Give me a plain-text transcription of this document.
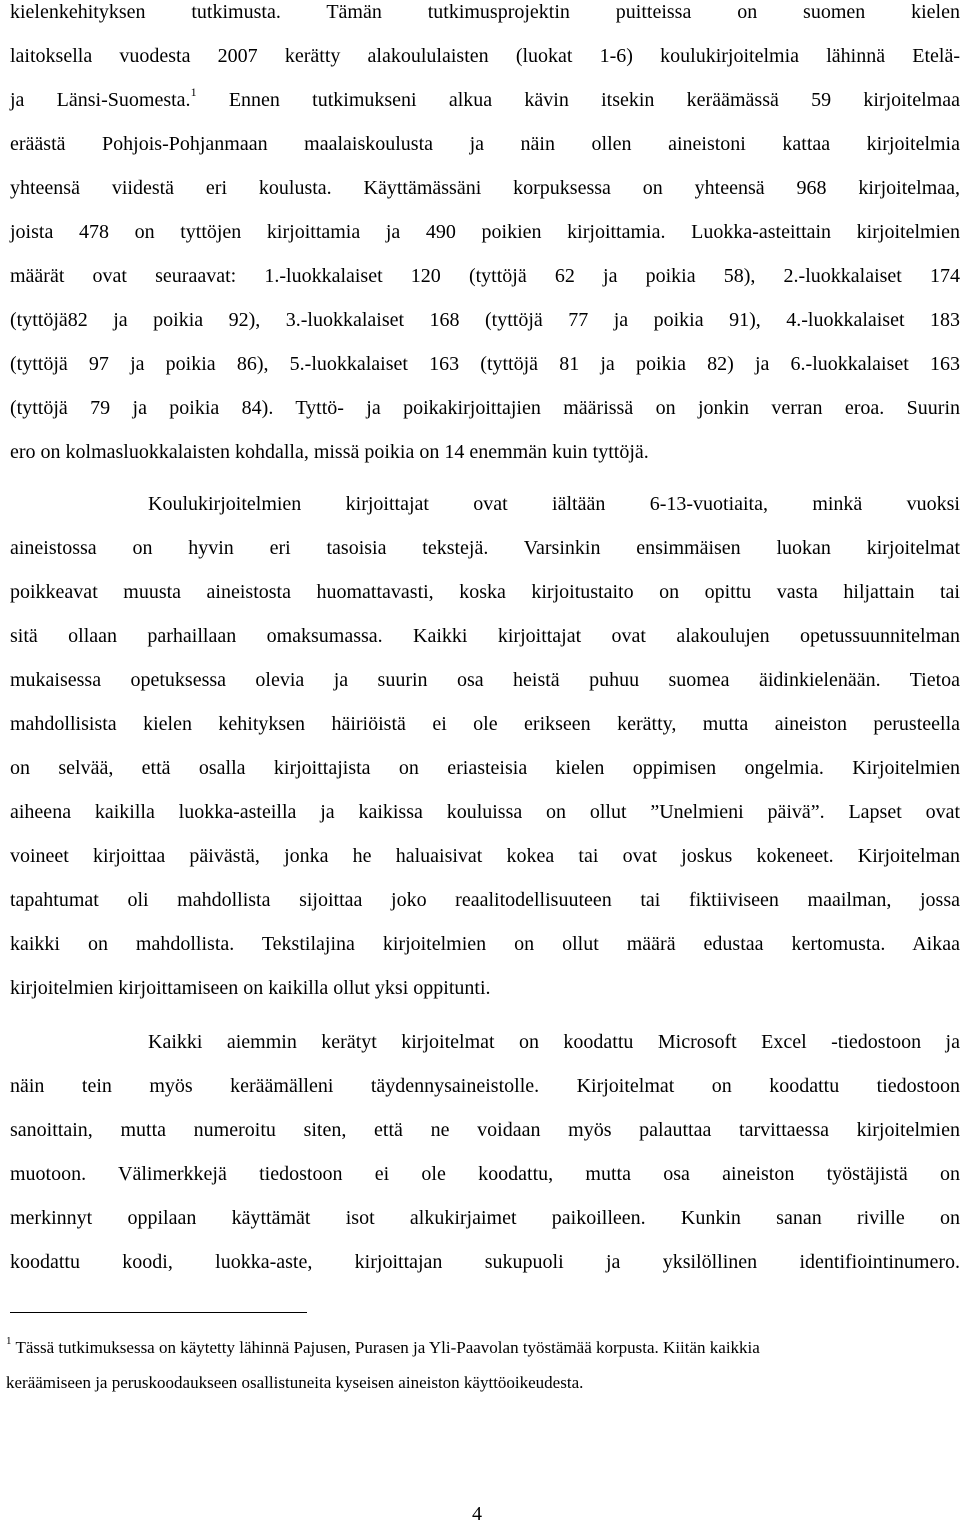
kielenkehityksen tutkimusta. Tämän tutkimusprojektin puitteissa on suomen kielen
laitoksella vuodesta 2007 kerätty alakoululaisten (luokat 1-6) koulukirjoitelmia lähinnä Etelä-
ja Länsi-Suomesta.$^1$ Ennen tutkimukseni alkua kävin itsekin keräämässä 59 kirjoitelmaa
eräästä Pohjois-Pohjanmaan maalaiskoulusta ja näin ollen aineistoni kattaa kirjoitelmia
yhteensä viidestä eri koulusta. Käyttämässäni korpuksessa on yhteensä 968 kirjoitelmaa,
joista 478 on tyttöjen kirjoittamia ja 490 poikien kirjoittamia. Luokka-asteittain kirjoitelmien
määrät ovat seuraavat: 1.-luokkalaiset 120 (tyttöjä 62 ja poikia 58), 2.-luokkalaiset 174
(tyttöjä82 ja poikia 92), 3.-luokkalaiset 168 (tyttöjä 77 ja poikia 91), 4.-luokkalaiset 183
(tyttöjä 97 ja poikia 86), 5.-luokkalaiset 163 (tyttöjä 81 ja poikia 82) ja 6.-luokkalaiset 163
(tyttöjä 79 ja poikia 84). Tyttö- ja poikakirjoittajien määrissä on jonkin verran eroa. Suurin
ero on kolmasluokkalaisten kohdalla, missä poikia on 14 enemmän kuin tyttöjä.
Koulukirjoitelmien kirjoittajat ovat iältään 6-13-vuotiaita, minkä vuoksi
aineistossa on hyvin eri tasoisia tekstejä. Varsinkin ensimmäisen luokan kirjoitelmat
poikkeavat muusta aineistosta huomattavasti, koska kirjoitustaito on opittu vasta hiljattain tai
sitä ollaan parhaillaan omaksumassa. Kaikki kirjoittajat ovat alakoulujen opetussuunnitelman
mukaisessa opetuksessa olevia ja suurin osa heistä puhuu suomea äidinkielenään. Tietoa
mahdollisista kielen kehityksen häiriöistä ei ole erikseen kerätty, mutta aineiston perusteella
on selvää, että osalla kirjoittajista on eriasteisia kielen oppimisen ongelmia. Kirjoitelmien
aiheena kaikilla luokka-asteilla ja kaikissa kouluissa on ollut ”Unelmieni päivä”. Lapset ovat
voineet kirjoittaa päivästä, jonka he haluaisivat kokea tai ovat joskus kokeneet. Kirjoitelman
tapahtumat oli mahdollista sijoittaa joko reaalitodellisuuteen tai fiktiiviseen maailman, jossa
kaikki on mahdollista. Tekstilajina kirjoitelmien on ollut määrä edustaa kertomusta. Aikaa
kirjoitelmien kirjoittamiseen on kaikilla ollut yksi oppitunti.
Kaikki aiemmin kerätyt kirjoitelmat on koodattu Microsoft Excel -tiedostoon ja
näin tein myös keräämälleni täydennysaineistolle. Kirjoitelmat on koodattu tiedostoon
sanoittain, mutta numeroitu siten, että ne voidaan myös palauttaa tarvittaessa kirjoitelmien
muotoon. Välimerkkejä tiedostoon ei ole koodattu, mutta osa aineiston työstäjistä on
merkinnyt oppilaan käyttämät isot alkukirjaimet paikoilleen. Kunkin sanan riville on
koodattu koodi, luokka-aste, kirjoittajan sukupuoli ja yksilöllinen identifiointinumero.
$^1$ Tässä tutkimuksessa on käytetty lähinnä Pajusen, Purasen ja Yli-Paavolan työstämää korpusta. Kiitän kaikkia
keräämiseen ja peruskoodaukseen osallistuneita kyseisen aineiston käyttöoikeudesta.
4
